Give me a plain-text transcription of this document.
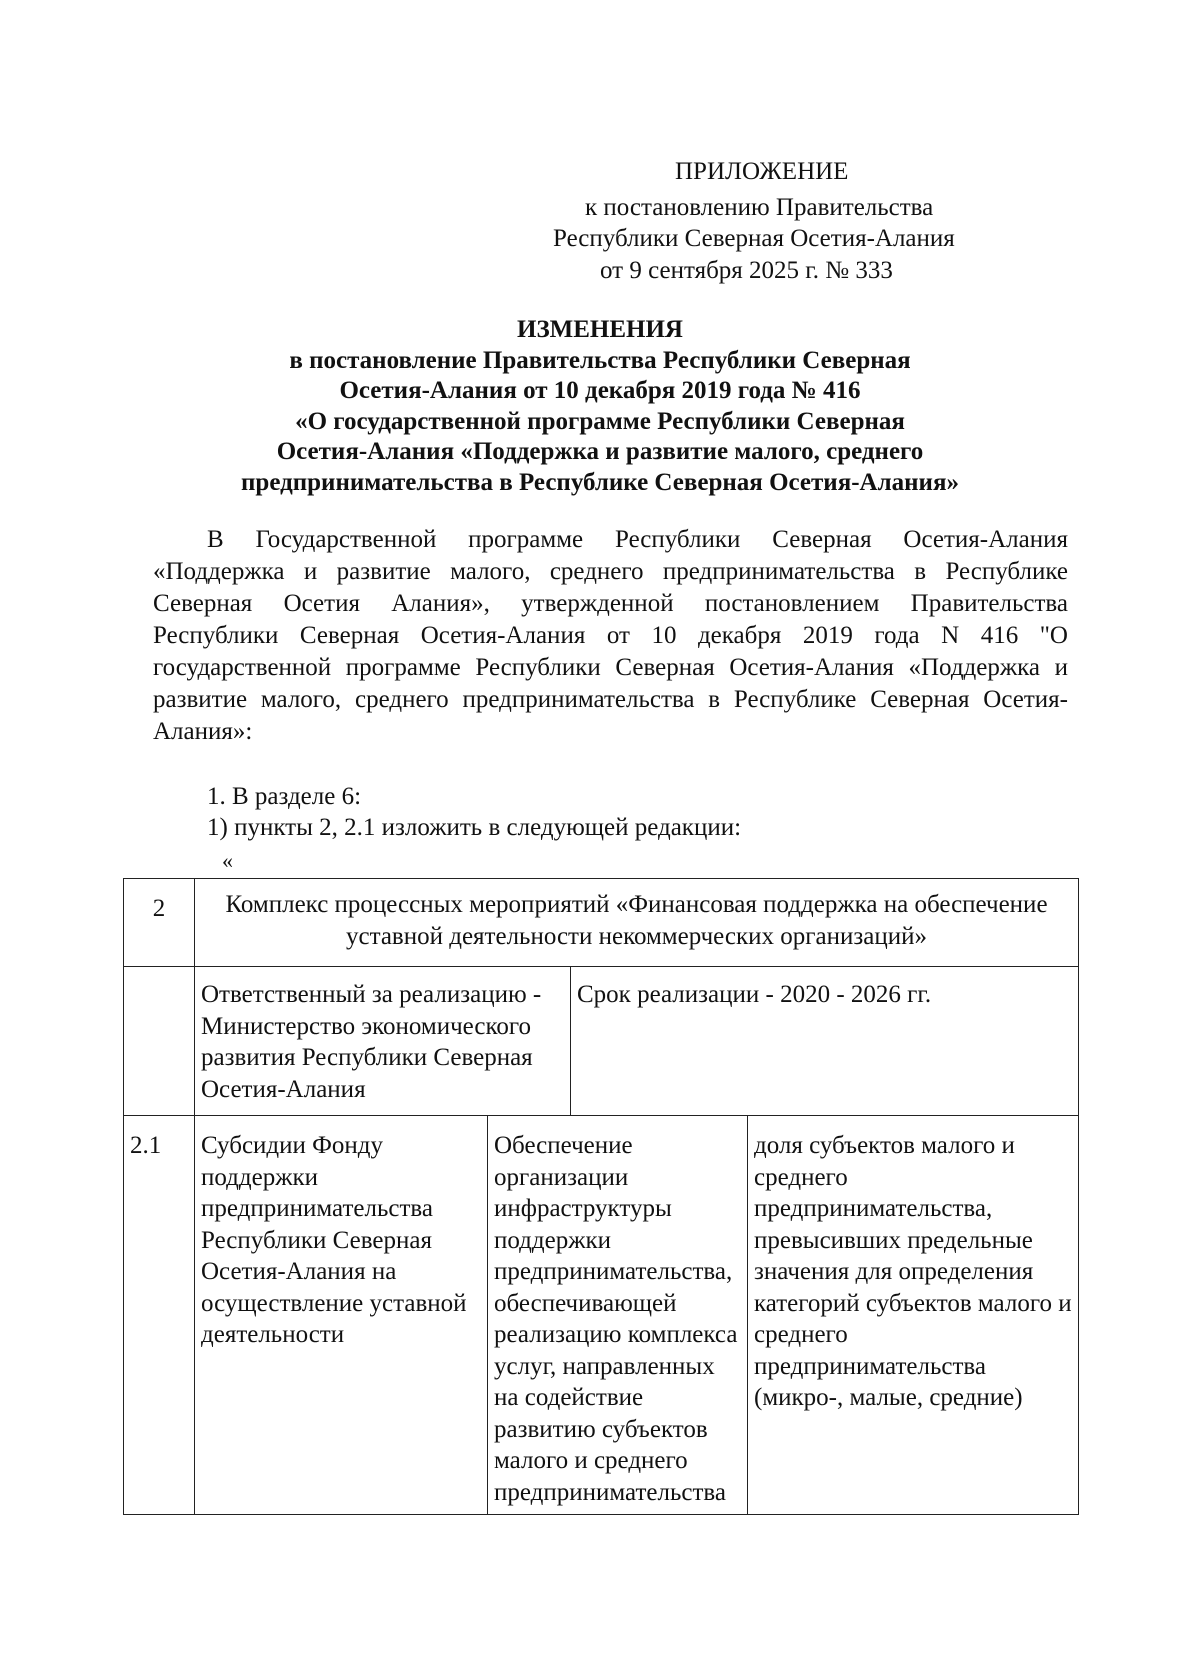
ПРИЛОЖЕНИЕ
к постановлению Правительства
Республики Северная Осетия-Алания
от 9 сентября 2025 г. № 333
ИЗМЕНЕНИЯ
в постановление Правительства Республики Северная
Осетия-Алания от 10 декабря 2019 года № 416
«О государственной программе Республики Северная
Осетия-Алания «Поддержка и развитие малого, среднего
предпринимательства в Республике Северная Осетия-Алания»

В Государственной программе Республики Северная Осетия-Алания «Поддержка и развитие малого, среднего предпринимательства в Республике Северная Осетия Алания», утвержденной постановлением Правительства Республики Северная Осетия-Алания от 10 декабря 2019 года N 416 "О государственной программе Республики Северная Осетия-Алания «Поддержка и развитие малого, среднего предпринимательства в Республике Северная Осетия-Алания»:

1. В разделе 6:
1) пункты 2, 2.1 изложить в следующей редакции:
«
2	Комплекс процессных мероприятий «Финансовая поддержка на обеспечение уставной деятельности некоммерческих организаций»			
	Ответственный за реализацию - Министерство экономического развития Республики Северная Осетия-Алания		Срок реализации - 2020 - 2026 гг.	
2.1	Субсидии Фонду поддержки предпринимательства Республики Северная Осетия-Алания на осуществление уставной деятельности	Обеспечение организации инфраструктуры поддержки предпринимательства, обеспечивающей реализацию комплекса услуг, направленных на содействие развитию субъектов малого и среднего предпринимательства		доля субъектов малого и среднего предпринимательства, превысивших предельные значения для определения категорий субъектов малого и среднего предпринимательства (микро-, малые, средние)
